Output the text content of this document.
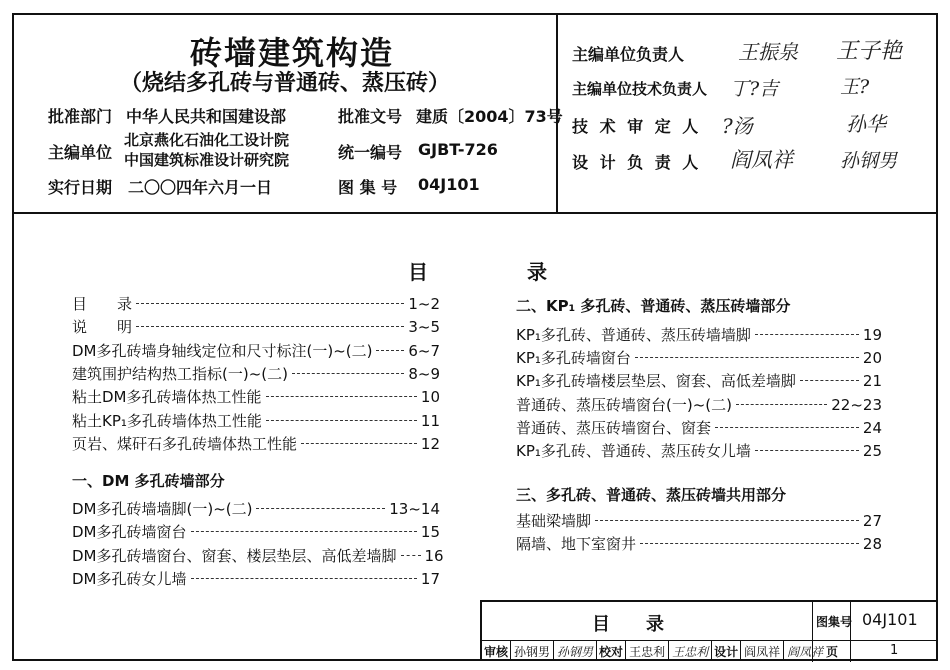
砖墙建筑构造
（烧结多孔砖与普通砖、蒸压砖）
批准部门 中华人民共和国建设部	批准文号 建质〔2004〕73号
主编单位
北京燕化石油化工设计院
中国建筑标准设计研究院	统一编号 GJBT-726
实行日期 二〇〇四年六月一日	图 集 号 04J101
主编单位负责人	王振泉 王子艳
主编单位技术负责人 丁?吉	王?
技 术 审 定 人 ?汤	孙华
设 计 负 责 人 阎凤祥 孙钢男
目	录
目　　录	1~2
说　　明	3~5
DM多孔砖墙身轴线定位和尺寸标注(一)~(二) 6~7
建筑围护结构热工指标(一)~(二)	8~9
粘土DM多孔砖墙体热工性能	10
粘土KP₁多孔砖墙体热工性能	11
页岩、煤矸石多孔砖墙体热工性能	12
一、DM 多孔砖墙部分
DM多孔砖墙墙脚(一)~(二)	13~14
DM多孔砖墙窗台	15
DM多孔砖墙窗台、窗套、楼层垫层、高低差墙脚 16
DM多孔砖女儿墙	17
二、KP₁ 多孔砖、普通砖、蒸压砖墙部分
KP₁多孔砖、普通砖、蒸压砖墙墙脚	19
KP₁多孔砖墙窗台	20
KP₁多孔砖墙楼层垫层、窗套、高低差墙脚	21
普通砖、蒸压砖墙窗台(一)~(二)	22~23
普通砖、蒸压砖墙窗台、窗套	24
KP₁多孔砖、普通砖、蒸压砖女儿墙	25
三、多孔砖、普通砖、蒸压砖墙共用部分
基础梁墙脚	27
隔墙、地下室窗井	28
目　　录	图集号 04J101
审核 孙钢男 孙钢男 校对 王忠利 王忠利 设计 阎凤祥 阎凤祥 页	1
